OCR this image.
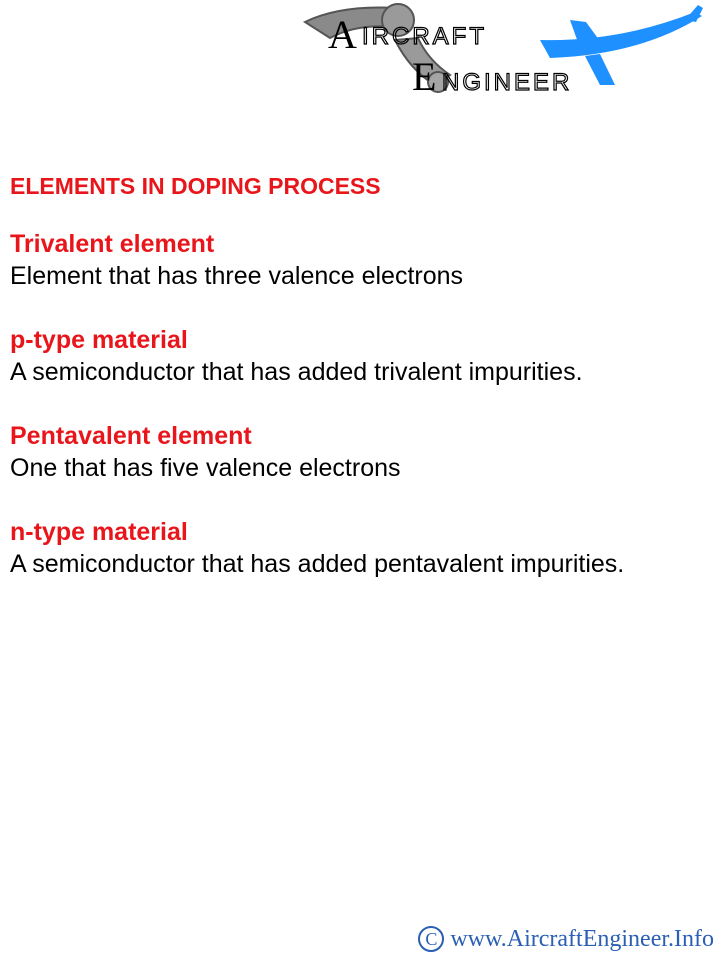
A IRCRAFT
E NGINEER
ELEMENTS IN DOPING PROCESS
Trivalent element
Element that has three valence electrons
p-type material
A semiconductor that has added trivalent impurities.
Pentavalent element
One that has five valence electrons
n-type material
A semiconductor that has added pentavalent impurities.
C www.AircraftEngineer.Info
